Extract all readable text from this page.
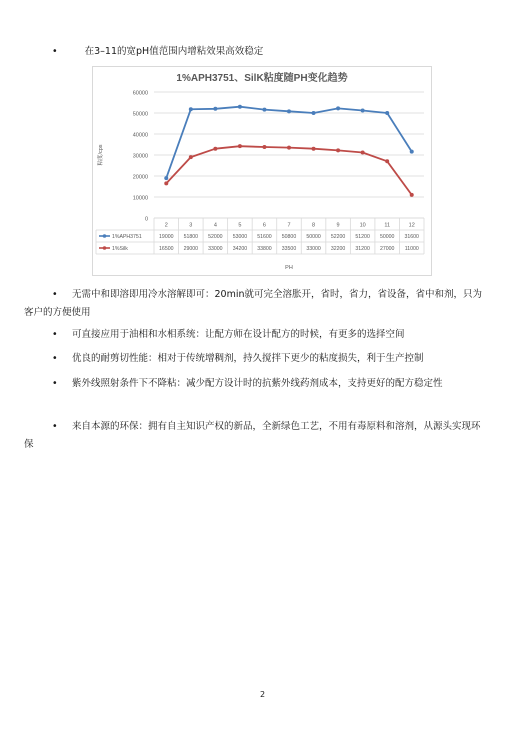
•	在3–11的宽pH值范围内增粘效果高效稳定
1%APH3751、SilK粘度随PH变化趋势
0
10000
20000
30000
40000
50000
60000
粘度/cps
2	3	4	5	6	7	8	9	10	11	12
1%APH3751	19000 51800 52000 53000 51600 50800 50000 52200 51200 50000 31600
1%Silk	16500 29000 33000 34200 33800 33500 33000 32200 31200 27000 11000
PH
•	无需中和即溶即用冷水溶解即可：20min就可完全溶胀开，省时，省力，省设备，省中和剂，只为客户的方便使用
•	可直接应用于油相和水相系统：让配方师在设计配方的时候，有更多的选择空间
•	优良的耐剪切性能：相对于传统增稠剂，持久搅拌下更少的粘度损失，利于生产控制
•	紫外线照射条件下不降粘：减少配方设计时的抗紫外线药剂成本，支持更好的配方稳定性
•	来自本源的环保：拥有自主知识产权的新品，全新绿色工艺，不用有毒原料和溶剂，从源头实现环保
2
